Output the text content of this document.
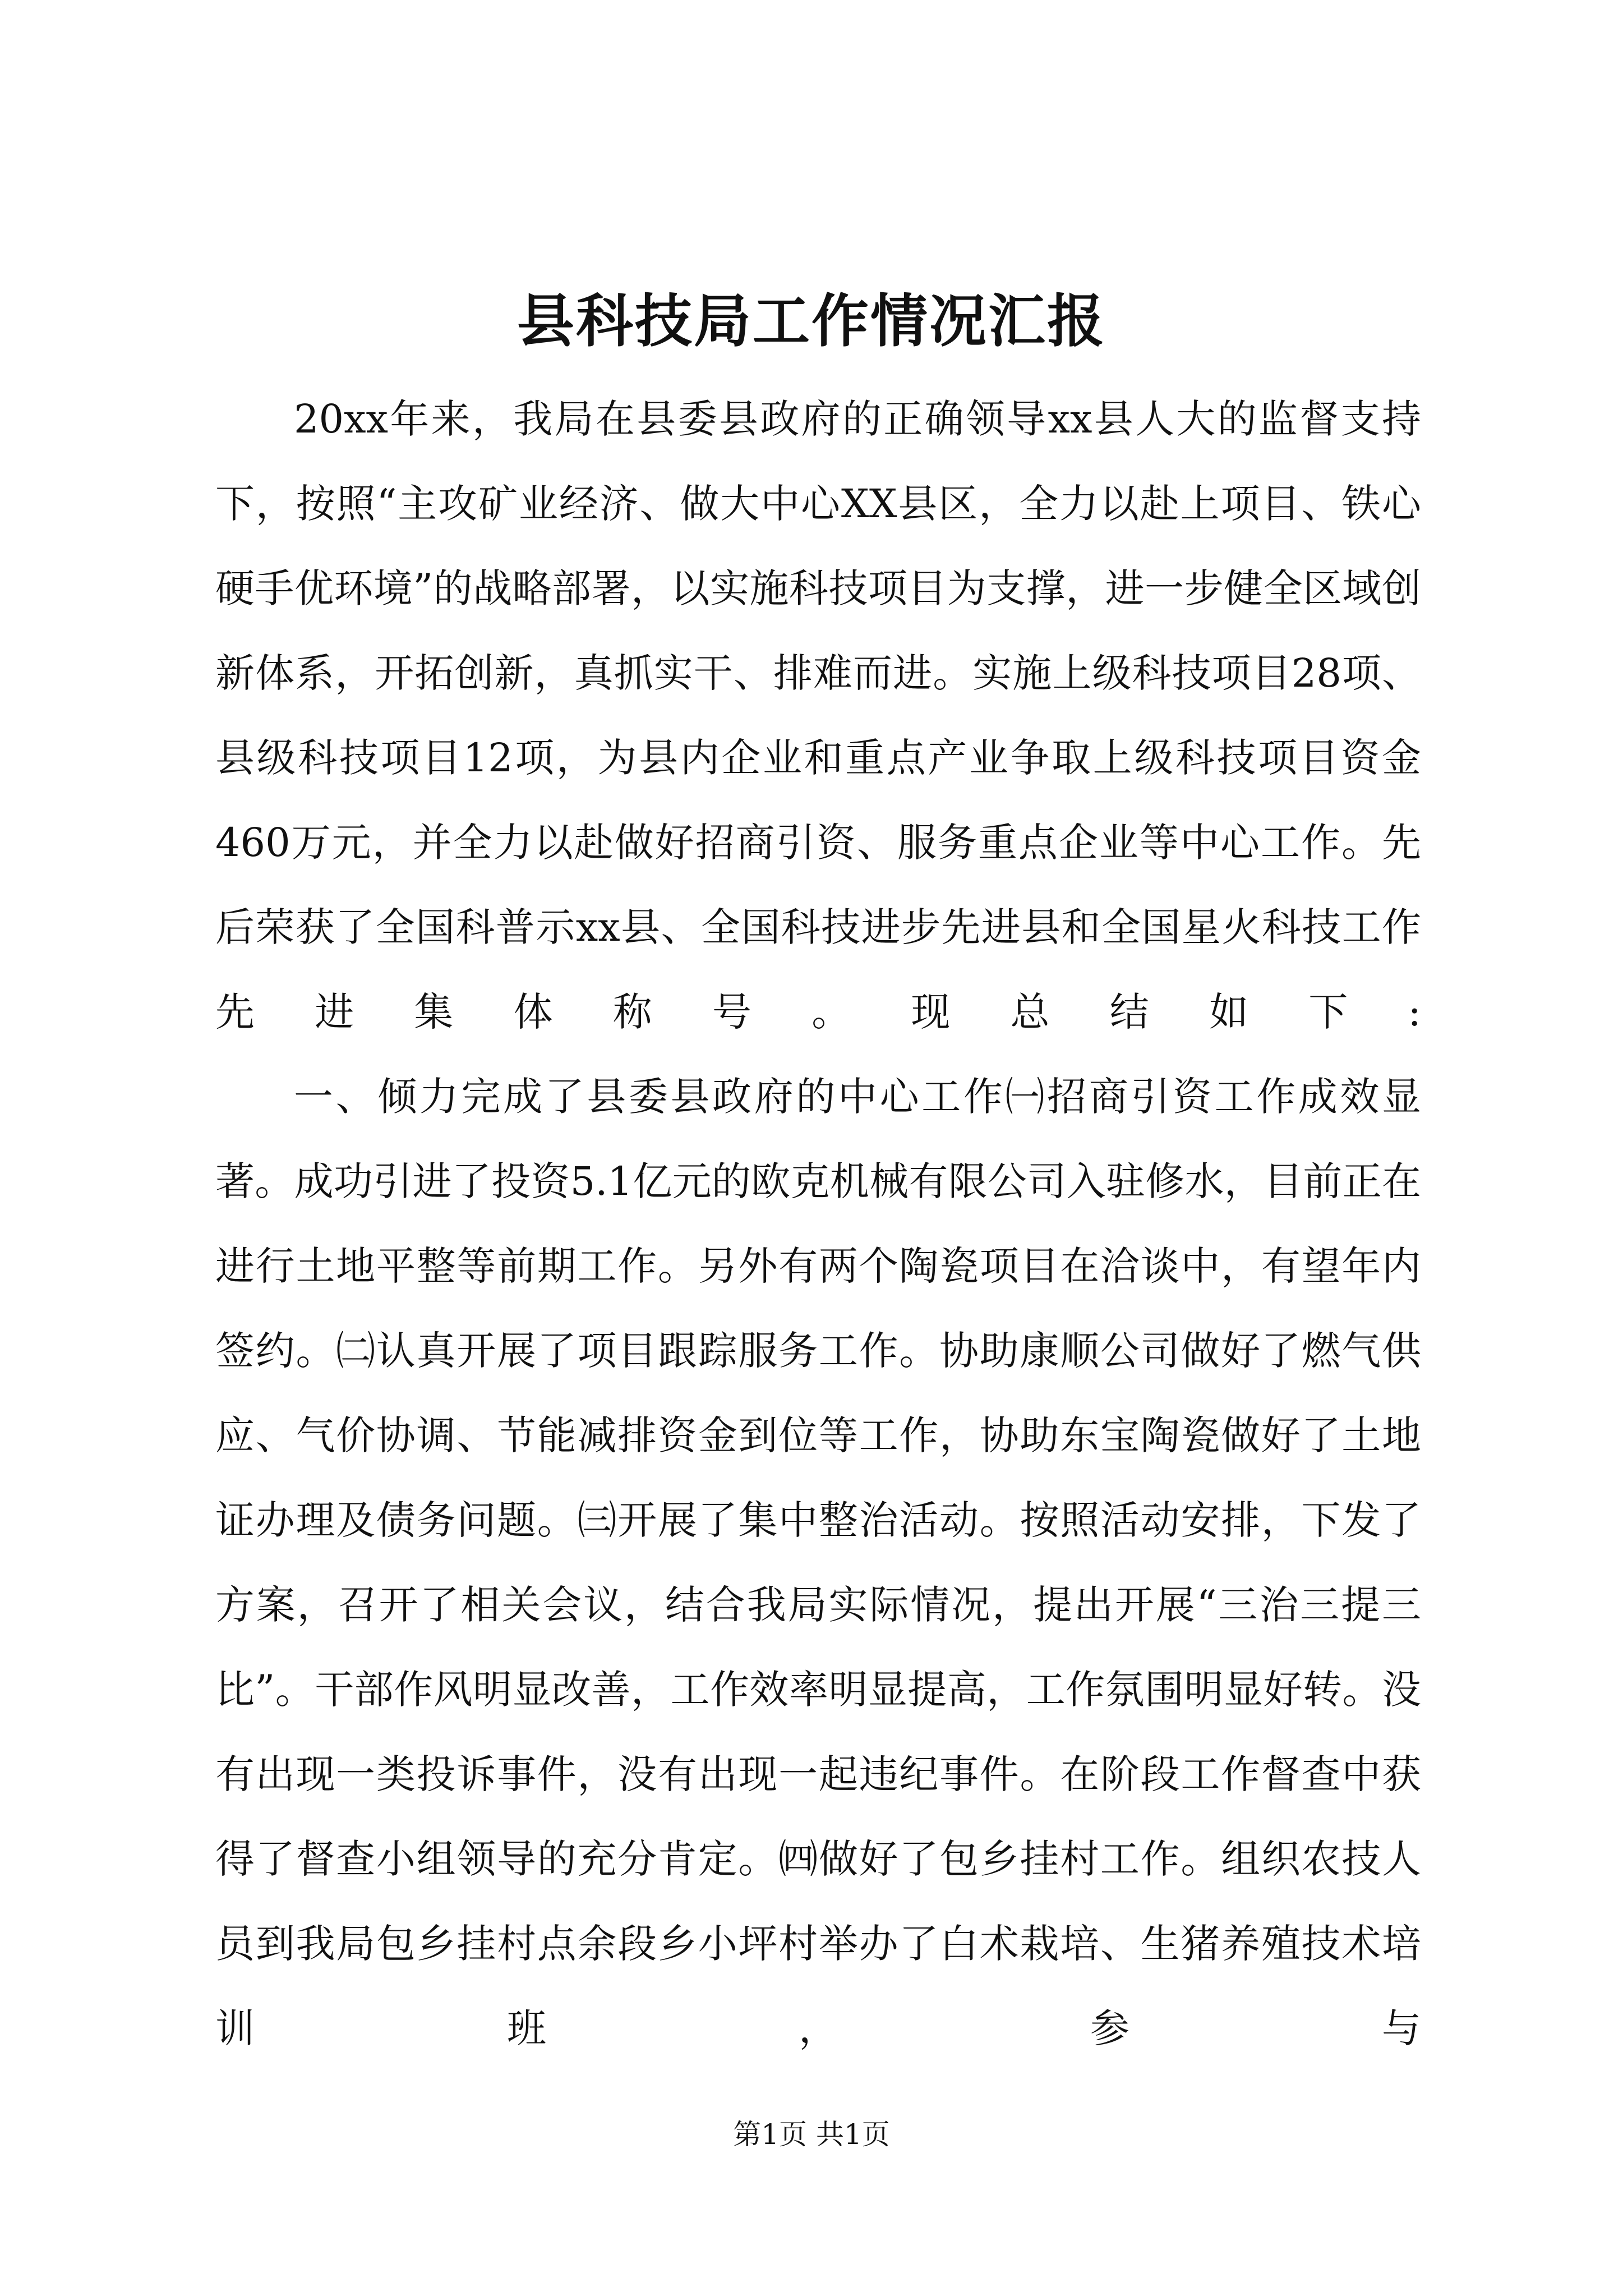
县科技局工作情况汇报

20xx年来，我局在县委县政府的正确领导xx县人大的监督支持下，按照“主攻矿业经济、做大中心XX县区，全力以赴上项目、铁心硬手优环境”的战略部署，以实施科技项目为支撑，进一步健全区域创新体系，开拓创新，真抓实干、排难而进。实施上级科技项目28项、县级科技项目12项，为县内企业和重点产业争取上级科技项目资金460万元，并全力以赴做好招商引资、服务重点企业等中心工作。先后荣获了全国科普示xx县、全国科技进步先进县和全国星火科技工作先进集体称号。现总结如下:

一、倾力完成了县委县政府的中心工作㈠招商引资工作成效显著。成功引进了投资5.1亿元的欧克机械有限公司入驻修水，目前正在进行土地平整等前期工作。另外有两个陶瓷项目在洽谈中，有望年内签约。㈡认真开展了项目跟踪服务工作。协助康顺公司做好了燃气供应、气价协调、节能减排资金到位等工作，协助东宝陶瓷做好了土地证办理及债务问题。㈢开展了集中整治活动。按照活动安排，下发了方案，召开了相关会议，结合我局实际情况，提出开展“三治三提三比”。干部作风明显改善，工作效率明显提高，工作氛围明显好转。没有出现一类投诉事件，没有出现一起违纪事件。在阶段工作督查中获得了督查小组领导的充分肯定。㈣做好了包乡挂村工作。组织农技人员到我局包乡挂村点余段乡小坪村举办了白术栽培、生猪养殖技术培训班，参与

第1页 共1页
